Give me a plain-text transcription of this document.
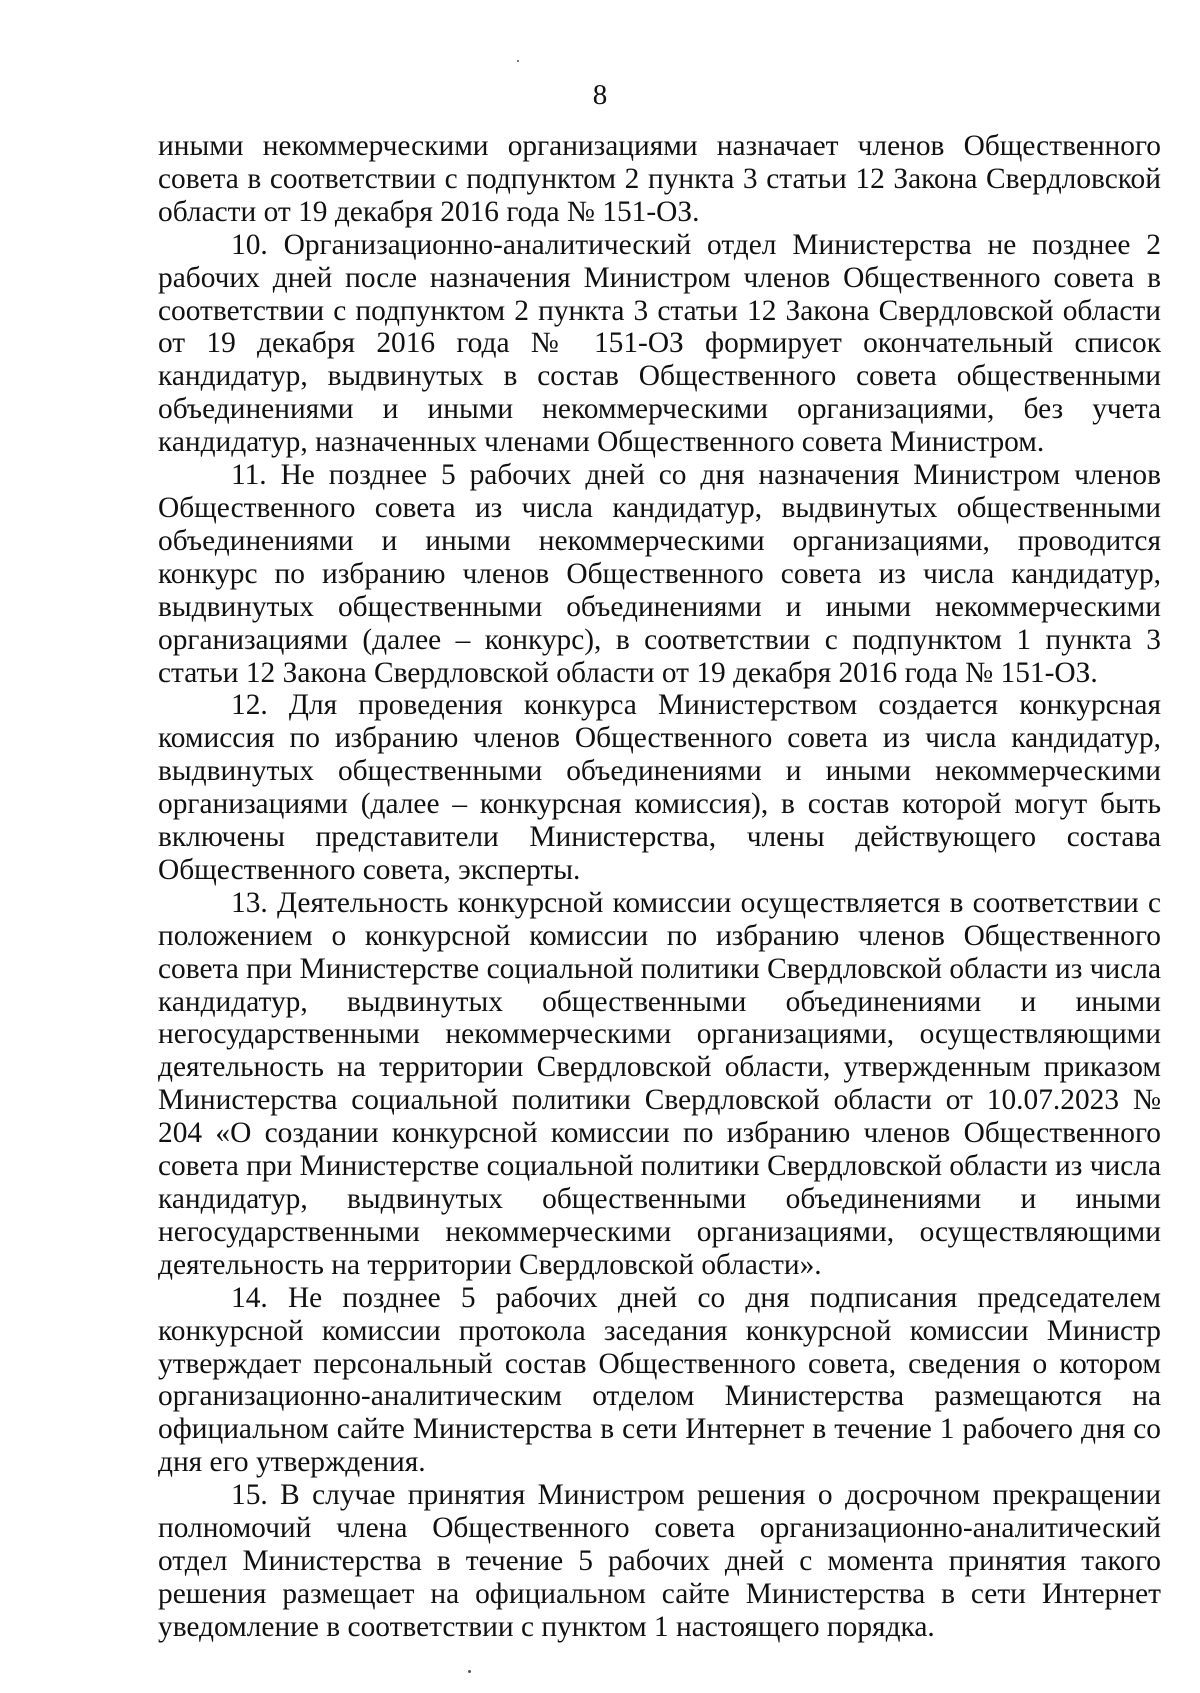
8

иными некоммерческими организациями назначает членов Общественного совета в соответствии с подпунктом 2 пункта 3 статьи 12 Закона Свердловской области от 19 декабря 2016 года № 151-ОЗ.

10. Организационно-аналитический отдел Министерства не позднее 2 рабочих дней после назначения Министром членов Общественного совета в соответствии с подпунктом 2 пункта 3 статьи 12 Закона Свердловской области от 19 декабря 2016 года № 151-ОЗ формирует окончательный список кандидатур, выдвинутых в состав Общественного совета общественными объединениями и иными некоммерческими организациями, без учета кандидатур, назначенных членами Общественного совета Министром.

11. Не позднее 5 рабочих дней со дня назначения Министром членов Общественного совета из числа кандидатур, выдвинутых общественными объединениями и иными некоммерческими организациями, проводится конкурс по избранию членов Общественного совета из числа кандидатур, выдвинутых общественными объединениями и иными некоммерческими организациями (далее – конкурс), в соответствии с подпунктом 1 пункта 3 статьи 12 Закона Свердловской области от 19 декабря 2016 года № 151-ОЗ.

12. Для проведения конкурса Министерством создается конкурсная комиссия по избранию членов Общественного совета из числа кандидатур, выдвинутых общественными объединениями и иными некоммерческими организациями (далее – конкурсная комиссия), в состав которой могут быть включены представители Министерства, члены действующего состава Общественного совета, эксперты.

13. Деятельность конкурсной комиссии осуществляется в соответствии с положением о конкурсной комиссии по избранию членов Общественного совета при Министерстве социальной политики Свердловской области из числа кандидатур, выдвинутых общественными объединениями и иными негосударственными некоммерческими организациями, осуществляющими деятельность на территории Свердловской области, утвержденным приказом Министерства социальной политики Свердловской области от 10.07.2023 № 204 «О создании конкурсной комиссии по избранию членов Общественного совета при Министерстве социальной политики Свердловской области из числа кандидатур, выдвинутых общественными объединениями и иными негосударственными некоммерческими организациями, осуществляющими деятельность на территории Свердловской области».

14. Не позднее 5 рабочих дней со дня подписания председателем конкурсной комиссии протокола заседания конкурсной комиссии Министр утверждает персональный состав Общественного совета, сведения о котором организационно-аналитическим отделом Министерства размещаются на официальном сайте Министерства в сети Интернет в течение 1 рабочего дня со дня его утверждения.

15. В случае принятия Министром решения о досрочном прекращении полномочий члена Общественного совета организационно-аналитический отдел Министерства в течение 5 рабочих дней с момента принятия такого решения размещает на официальном сайте Министерства в сети Интернет уведомление в соответствии с пунктом 1 настоящего порядка.
